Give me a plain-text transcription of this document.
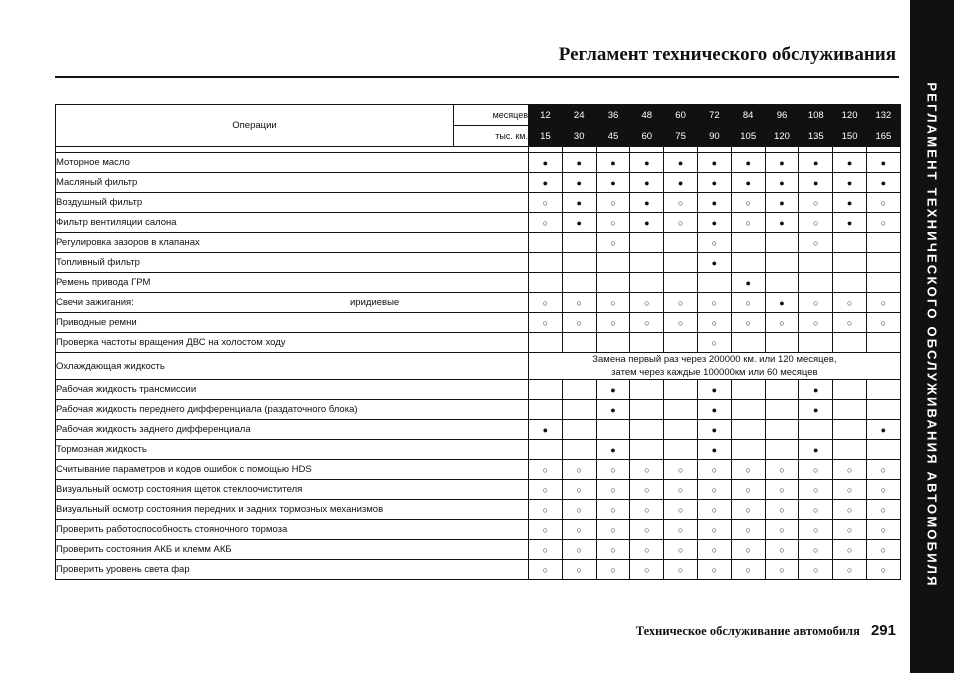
Регламент технического обслуживания
РЕГЛАМЕНТ ТЕХНИЧЕСКОГО ОБСЛУЖИВАНИЯ АВТОМОБИЛЯ
Операции	месяцев	12	24	36	48	60	72	84	96	108	120	132
	тыс. км.	15	30	45	60	75	90	105	120	135	150	165

Моторное масло		●	●	●	●	●	●	●	●	●	●	●
Масляный фильтр		●	●	●	●	●	●	●	●	●	●	●
Воздушный фильтр		○	●	○	●	○	●	○	●	○	●	○
Фильтр вентиляции салона		○	●	○	●	○	●	○	●	○	●	○
Регулировка зазоров в клапанах				○			○			○		
Топливный фильтр							●					
Ремень привода ГРМ								●				
Свечи зажигания: иридиевые		○	○	○	○	○	○	○	●	○	○	○
Приводные ремни		○	○	○	○	○	○	○	○	○	○	○
Проверка частоты вращения ДВС на холостом ходу							○					
Охлаждающая жидкость		Замена первый раз через 200000 км. или 120 месяцев,
затем через каждые 100000км или 60 месяцев										

Рабочая жидкость трансмиссии				●			●			●		
Рабочая жидкость переднего дифференциала (раздаточного блока)				●			●			●		
Рабочая жидкость заднего дифференциала		●					●					●
Тормозная жидкость				●			●			●		
Считывание параметров и кодов ошибок с помощью HDS		○	○	○	○	○	○	○	○	○	○	○
Визуальный осмотр состояния щеток стеклоочистителя		○	○	○	○	○	○	○	○	○	○	○
Визуальный осмотр состояния передних и задних тормозных механизмов		○	○	○	○	○	○	○	○	○	○	○
Проверить работоспособность стояночного тормоза		○	○	○	○	○	○	○	○	○	○	○
Проверить состояния АКБ и клемм АКБ		○	○	○	○	○	○	○	○	○	○	○
Проверить уровень света фар		○	○	○	○	○	○	○	○	○	○	○
Техническое обслуживание автомобиля 291
